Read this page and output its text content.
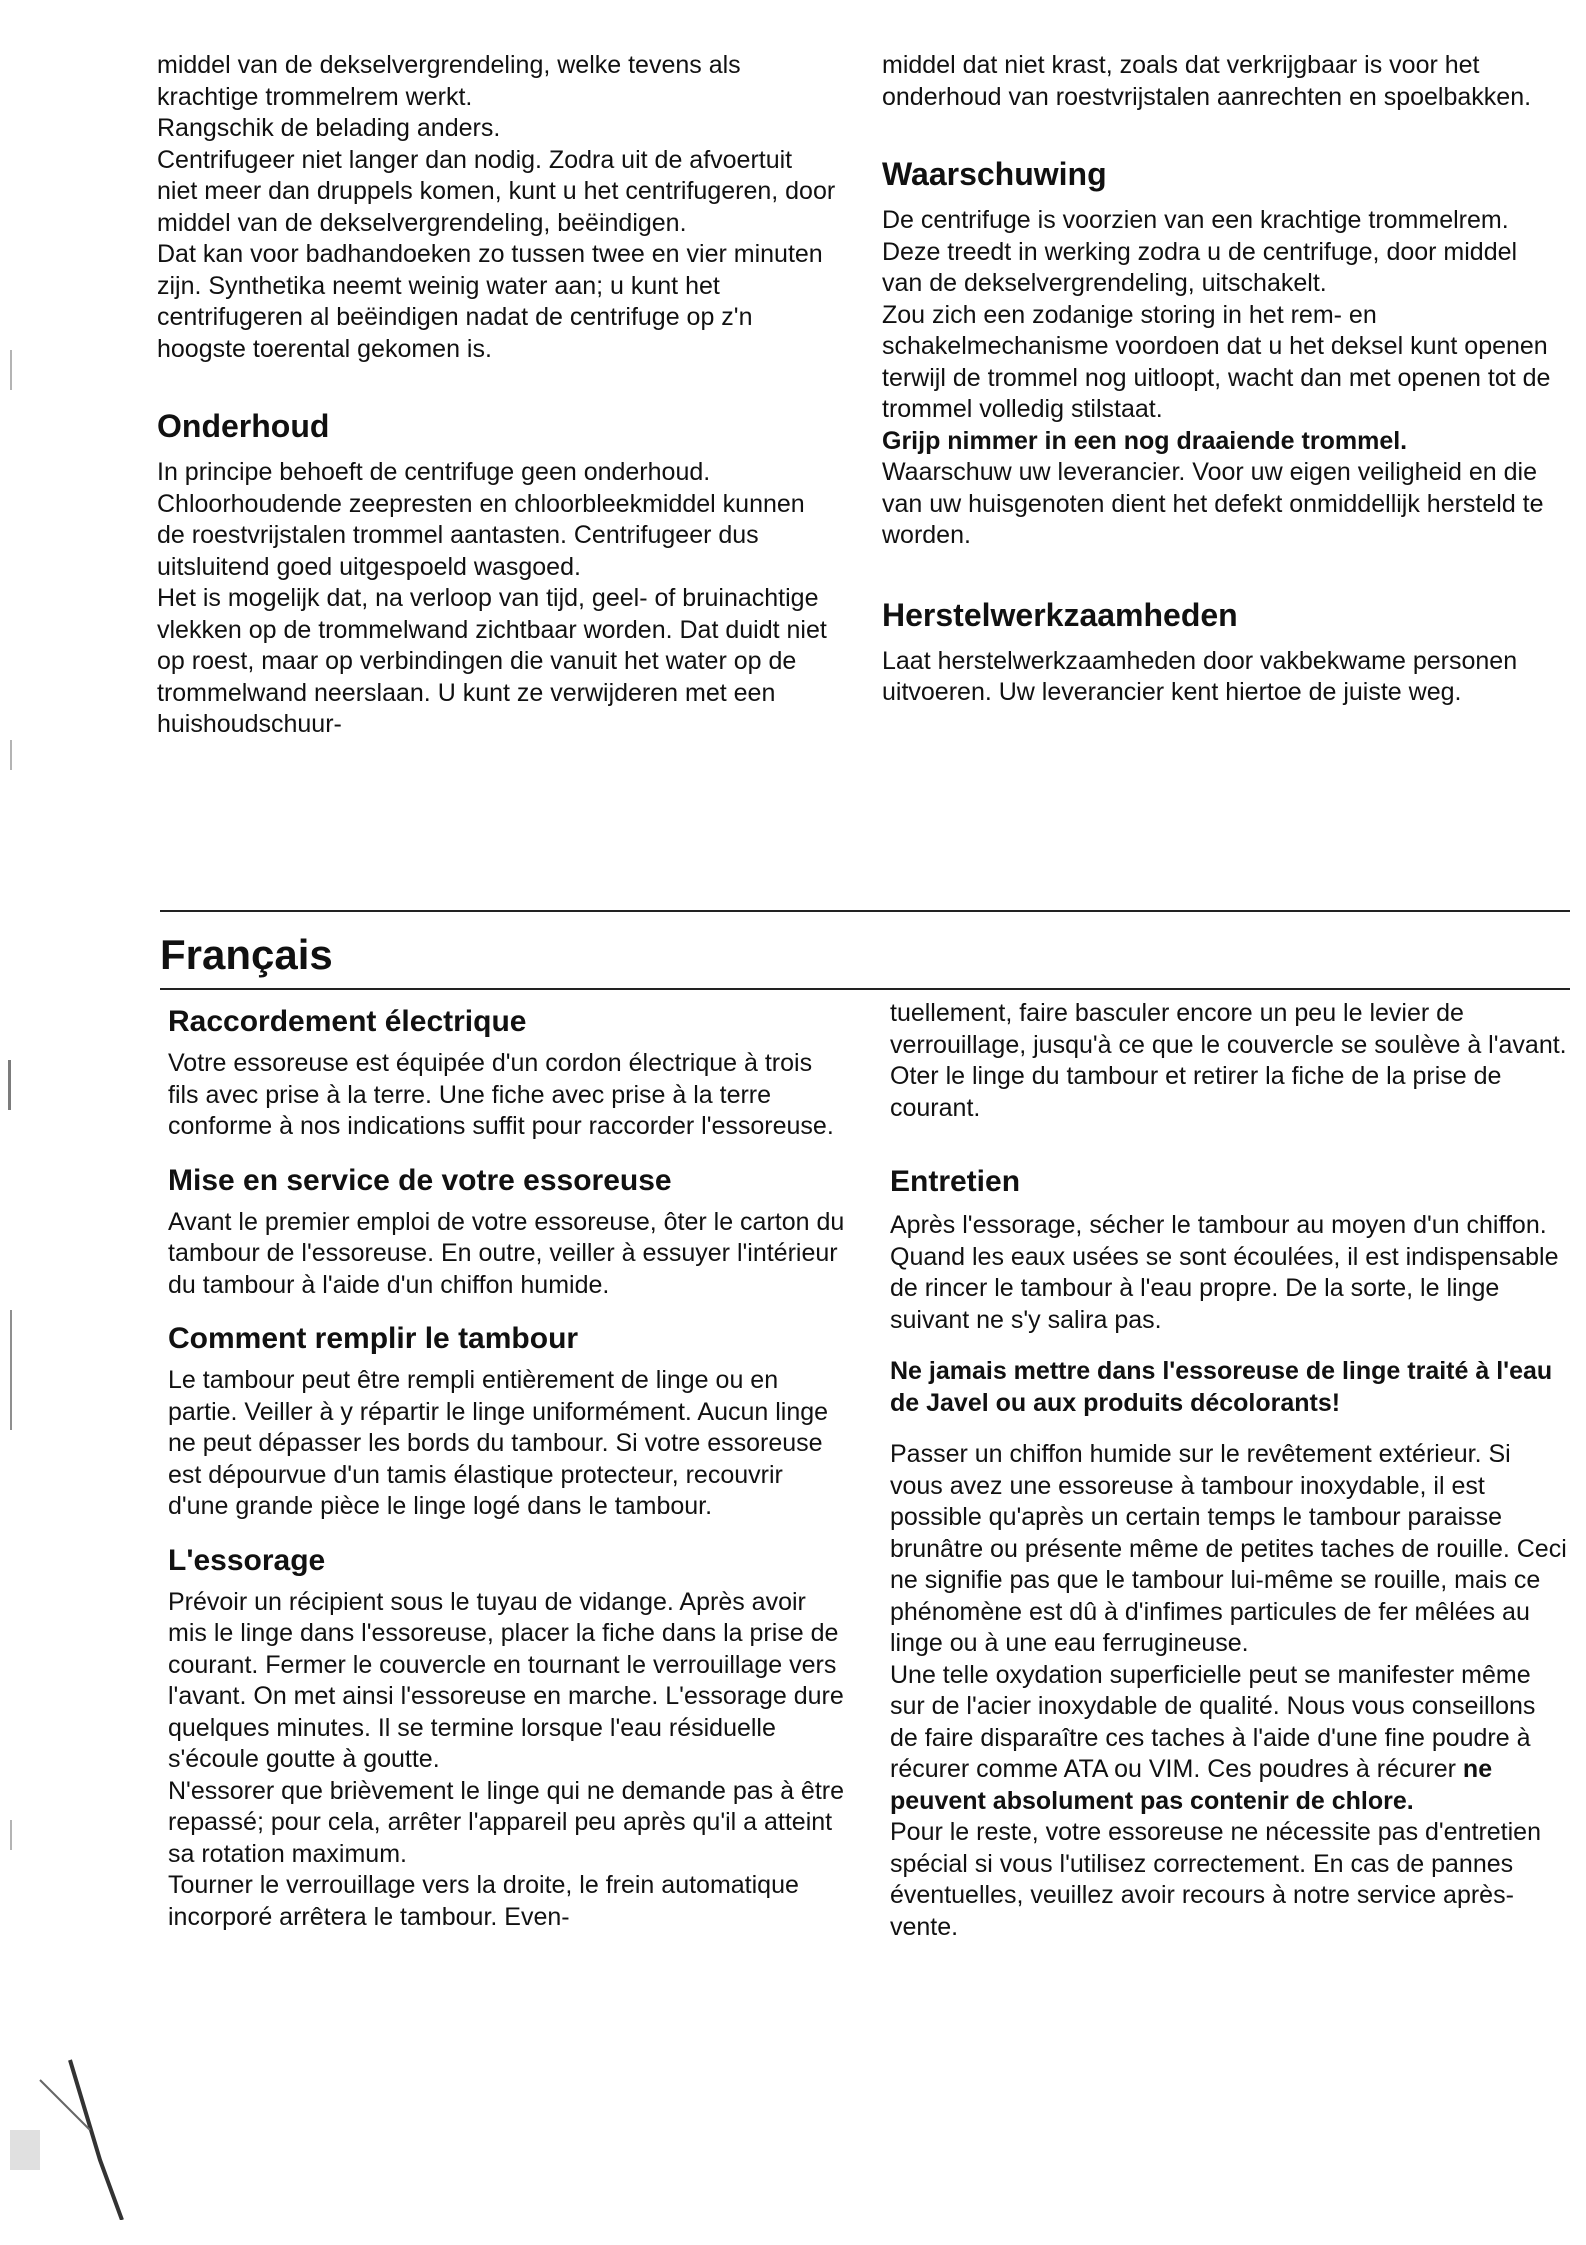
middel van de dekselvergrendeling, welke tevens als krachtige trommelrem werkt.

Rangschik de belading anders.

Centrifugeer niet langer dan nodig. Zodra uit de afvoertuit niet meer dan druppels komen, kunt u het centrifugeren, door middel van de dekselvergrendeling, beëindigen.

Dat kan voor badhandoeken zo tussen twee en vier minuten zijn. Synthetika neemt weinig water aan; u kunt het centrifugeren al beëindigen nadat de centrifuge op z'n hoogste toerental gekomen is.

Onderhoud

In principe behoeft de centrifuge geen onderhoud. Chloorhoudende zeepresten en chloorbleekmiddel kunnen de roestvrijstalen trommel aantasten. Centrifugeer dus uitsluitend goed uitgespoeld wasgoed.

Het is mogelijk dat, na verloop van tijd, geel- of bruinachtige vlekken op de trommelwand zichtbaar worden. Dat duidt niet op roest, maar op verbindingen die vanuit het water op de trommelwand neerslaan. U kunt ze verwijderen met een huishoudschuur-

middel dat niet krast, zoals dat verkrijgbaar is voor het onderhoud van roestvrijstalen aanrechten en spoelbakken.

Waarschuwing

De centrifuge is voorzien van een krachtige trommelrem. Deze treedt in werking zodra u de centrifuge, door middel van de dekselvergrendeling, uitschakelt.

Zou zich een zodanige storing in het rem- en schakelmechanisme voordoen dat u het deksel kunt openen terwijl de trommel nog uitloopt, wacht dan met openen tot de trommel volledig stilstaat.

Grijp nimmer in een nog draaiende trommel.

Waarschuw uw leverancier. Voor uw eigen veiligheid en die van uw huisgenoten dient het defekt onmiddellijk hersteld te worden.

Herstelwerkzaamheden

Laat herstelwerkzaamheden door vakbekwame personen uitvoeren. Uw leverancier kent hiertoe de juiste weg.

Français
Raccordement électrique

Votre essoreuse est équipée d'un cordon électrique à trois fils avec prise à la terre. Une fiche avec prise à la terre conforme à nos indications suffit pour raccorder l'essoreuse.

Mise en service de votre essoreuse

Avant le premier emploi de votre essoreuse, ôter le carton du tambour de l'essoreuse. En outre, veiller à essuyer l'intérieur du tambour à l'aide d'un chiffon humide.

Comment remplir le tambour

Le tambour peut être rempli entièrement de linge ou en partie. Veiller à y répartir le linge uniformément. Aucun linge ne peut dépasser les bords du tambour. Si votre essoreuse est dépourvue d'un tamis élastique protecteur, recouvrir d'une grande pièce le linge logé dans le tambour.

L'essorage

Prévoir un récipient sous le tuyau de vidange. Après avoir mis le linge dans l'essoreuse, placer la fiche dans la prise de courant. Fermer le couvercle en tournant le verrouillage vers l'avant. On met ainsi l'essoreuse en marche. L'essorage dure quelques minutes. Il se termine lorsque l'eau résiduelle s'écoule goutte à goutte.

N'essorer que brièvement le linge qui ne demande pas à être repassé; pour cela, arrêter l'appareil peu après qu'il a atteint sa rotation maximum.

Tourner le verrouillage vers la droite, le frein automatique incorporé arrêtera le tambour. Even-

tuellement, faire basculer encore un peu le levier de verrouillage, jusqu'à ce que le couvercle se soulève à l'avant.

Oter le linge du tambour et retirer la fiche de la prise de courant.

Entretien

Après l'essorage, sécher le tambour au moyen d'un chiffon. Quand les eaux usées se sont écoulées, il est indispensable de rincer le tambour à l'eau propre. De la sorte, le linge suivant ne s'y salira pas.

Ne jamais mettre dans l'essoreuse de linge traité à l'eau de Javel ou aux produits décolorants!

Passer un chiffon humide sur le revêtement extérieur. Si vous avez une essoreuse à tambour inoxydable, il est possible qu'après un certain temps le tambour paraisse brunâtre ou présente même de petites taches de rouille. Ceci ne signifie pas que le tambour lui-même se rouille, mais ce phénomène est dû à d'infimes particules de fer mêlées au linge ou à une eau ferrugineuse.

Une telle oxydation superficielle peut se manifester même sur de l'acier inoxydable de qualité. Nous vous conseillons de faire disparaître ces taches à l'aide d'une fine poudre à récurer comme ATA ou VIM. Ces poudres à récurer ne peuvent absolument pas contenir de chlore.

Pour le reste, votre essoreuse ne nécessite pas d'entretien spécial si vous l'utilisez correctement. En cas de pannes éventuelles, veuillez avoir recours à notre service après-vente.
